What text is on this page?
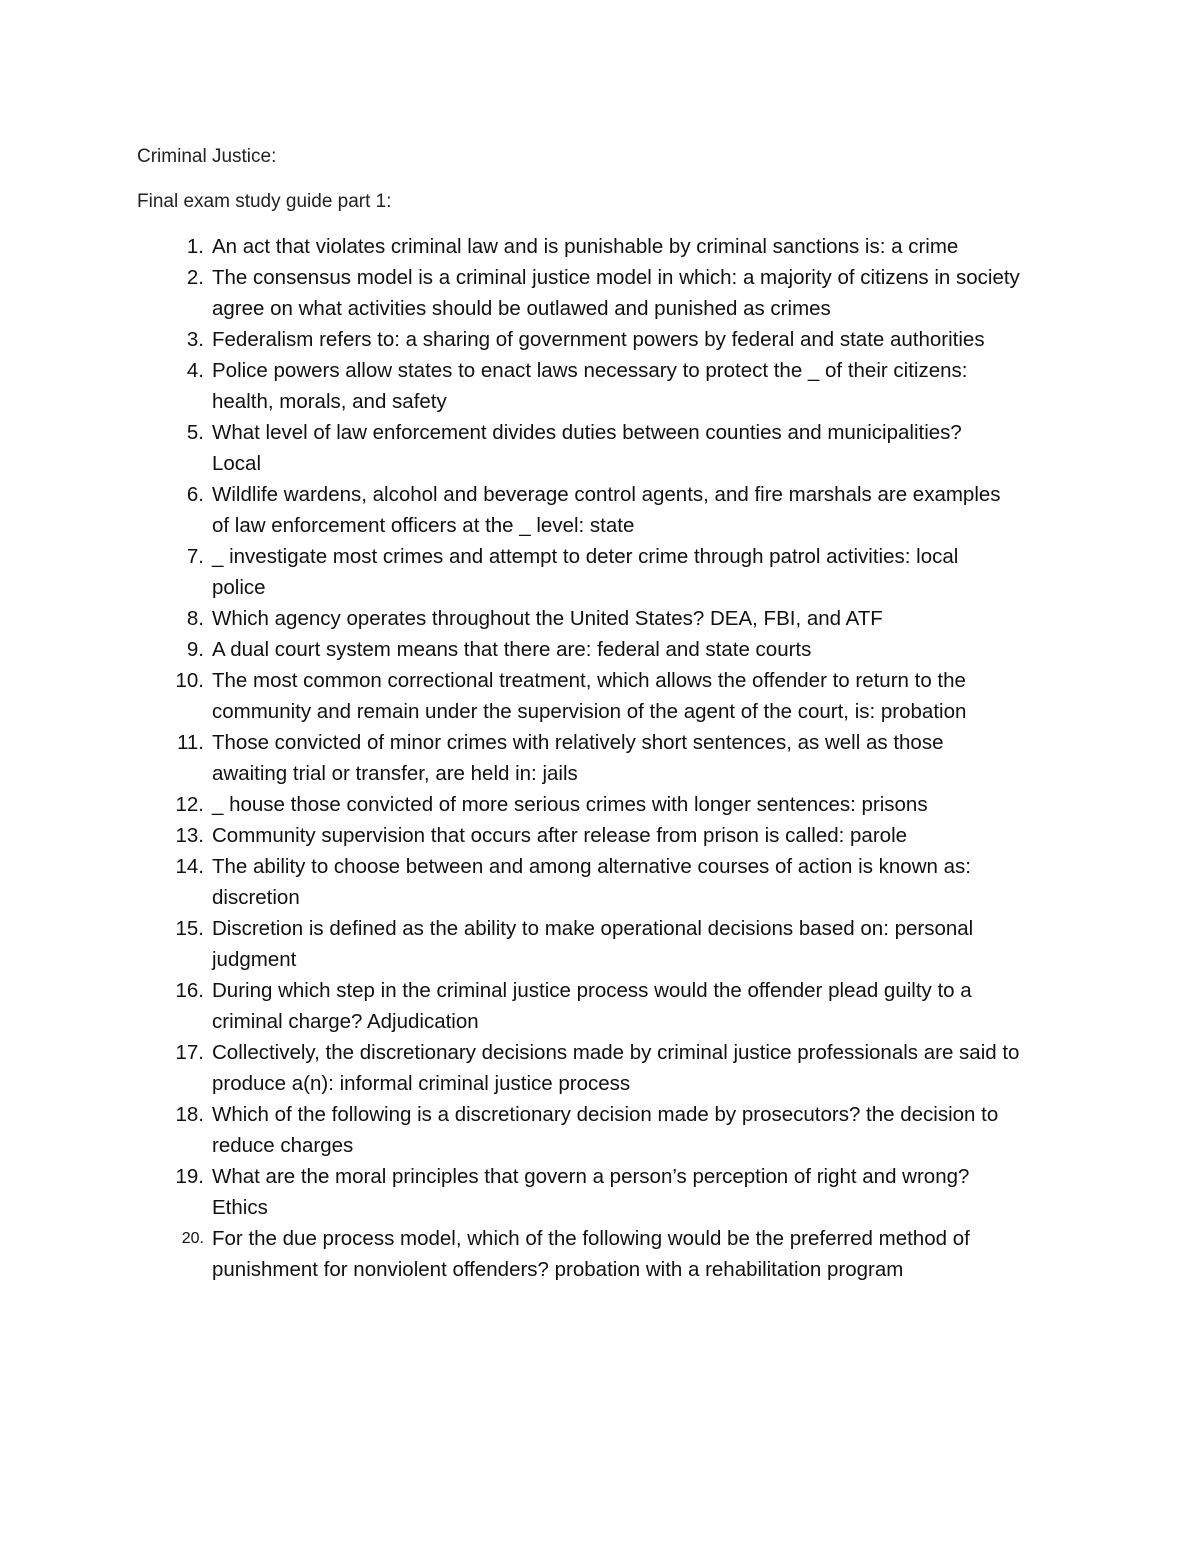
Criminal Justice:
Final exam study guide part 1:
1. An act that violates criminal law and is punishable by criminal sanctions is: a crime
2. The consensus model is a criminal justice model in which: a majority of citizens in society
agree on what activities should be outlawed and punished as crimes
3. Federalism refers to: a sharing of government powers by federal and state authorities
4. Police powers allow states to enact laws necessary to protect the _ of their citizens:
health, morals, and safety
5. What level of law enforcement divides duties between counties and municipalities?
Local
6. Wildlife wardens, alcohol and beverage control agents, and fire marshals are examples
of law enforcement officers at the _ level: state
7. _ investigate most crimes and attempt to deter crime through patrol activities: local
police
8. Which agency operates throughout the United States? DEA, FBI, and ATF
9. A dual court system means that there are: federal and state courts
10. The most common correctional treatment, which allows the offender to return to the
community and remain under the supervision of the agent of the court, is: probation
11. Those convicted of minor crimes with relatively short sentences, as well as those
awaiting trial or transfer, are held in: jails
12. _ house those convicted of more serious crimes with longer sentences: prisons
13. Community supervision that occurs after release from prison is called: parole
14. The ability to choose between and among alternative courses of action is known as:
discretion
15. Discretion is defined as the ability to make operational decisions based on: personal
judgment
16. During which step in the criminal justice process would the offender plead guilty to a
criminal charge? Adjudication
17. Collectively, the discretionary decisions made by criminal justice professionals are said to
produce a(n): informal criminal justice process
18. Which of the following is a discretionary decision made by prosecutors? the decision to
reduce charges
19. What are the moral principles that govern a person’s perception of right and wrong?
Ethics
20. For the due process model, which of the following would be the preferred method of
punishment for nonviolent offenders? probation with a rehabilitation program
